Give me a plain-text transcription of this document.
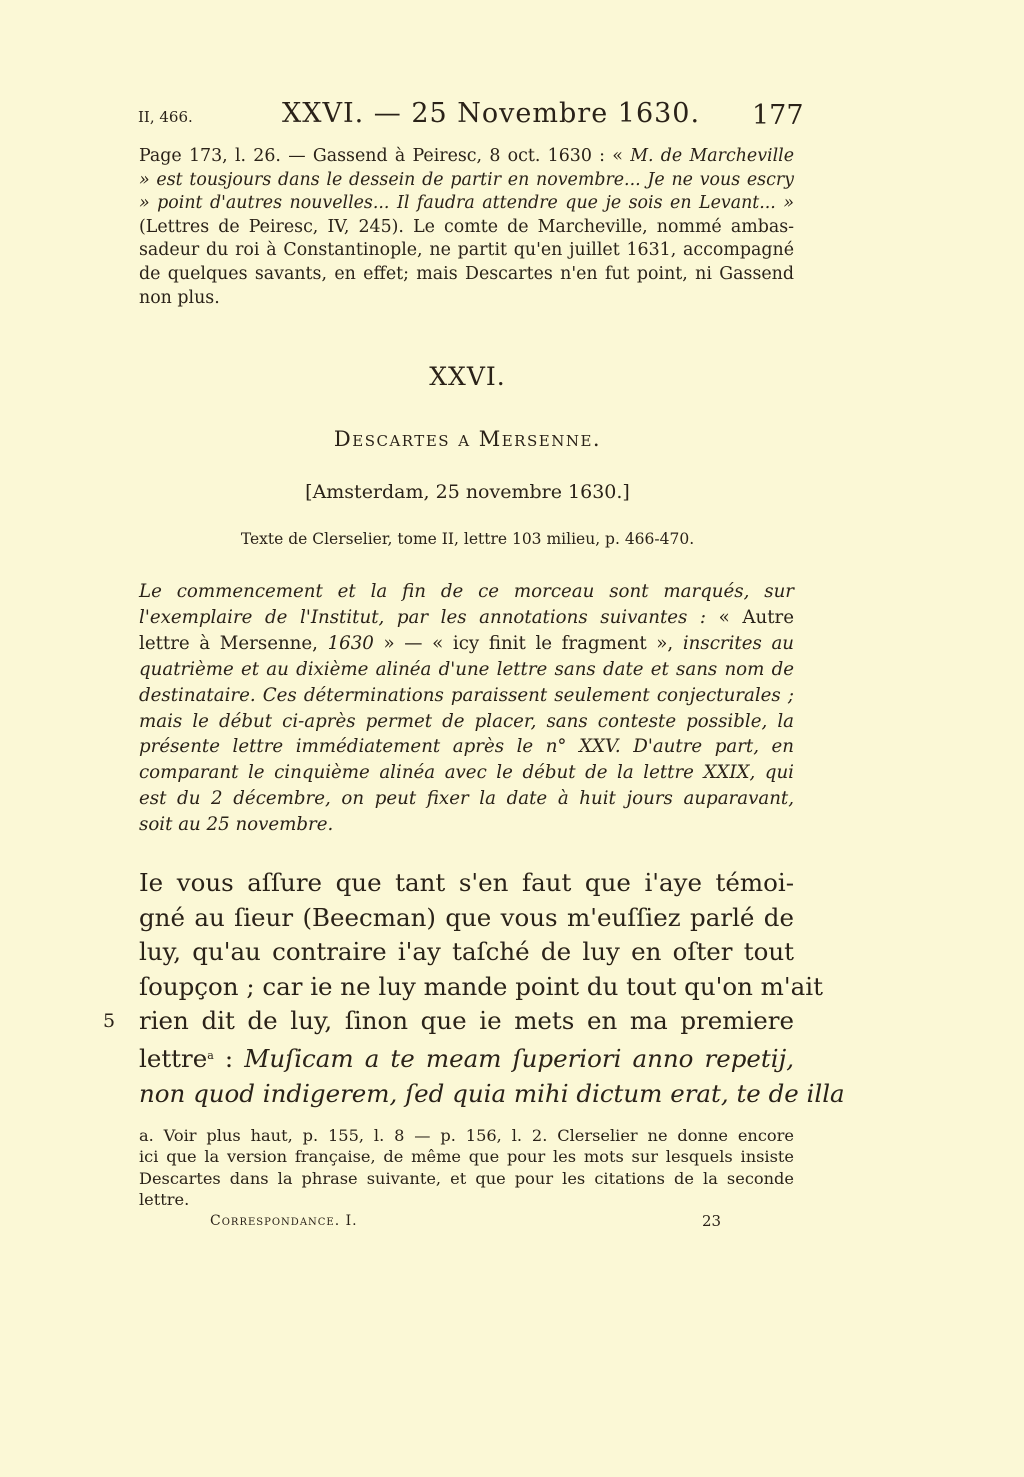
II, 466.	XXVI. — 25 Novembre 1630. 177
Page 173, l. 26. — Gassend à Peiresc, 8 oct. 1630 : « M. de Marcheville
» est tousjours dans le dessein de partir en novembre... Je ne vous escry
» point d'autres nouvelles... Il faudra attendre que je sois en Levant... »
(Lettres de Peiresc, IV, 245). Le comte de Marcheville, nommé ambas-
sadeur du roi à Constantinople, ne partit qu'en juillet 1631, accompagné
de quelques savants, en effet; mais Descartes n'en fut point, ni Gassend
non plus.
XXVI.
Descartes a Mersenne.
[Amsterdam, 25 novembre 1630.]
Texte de Clerselier, tome II, lettre 103 milieu, p. 466-470.
Le commencement et la fin de ce morceau sont marqués, sur
l'exemplaire de l'Institut, par les annotations suivantes : « Autre
lettre à Mersenne, 1630 » — « icy finit le fragment », inscrites au
quatrième et au dixième alinéa d'une lettre sans date et sans nom de
destinataire. Ces déterminations paraissent seulement conjecturales ;
mais le début ci-après permet de placer, sans conteste possible, la
présente lettre immédiatement après le n° XXV. D'autre part, en
comparant le cinquième alinéa avec le début de la lettre XXIX, qui
est du 2 décembre, on peut fixer la date à huit jours auparavant,
soit au 25 novembre.
Ie vous aſſure que tant s'en faut que i'aye témoi-
gné au ſieur (Beecman) que vous m'euſſiez parlé de
luy, qu'au contraire i'ay taſché de luy en oſter tout
ſoupçon ; car ie ne luy mande point du tout qu'on m'ait
rien dit de luy, ſinon que ie mets en ma premiere
lettre$^a$ : Muſicam a te meam ſuperiori anno repetij,
non quod indigerem, ſed quia mihi dictum erat, te de illa
5
a. Voir plus haut, p. 155, l. 8 — p. 156, l. 2. Clerselier ne donne encore
ici que la version française, de même que pour les mots sur lesquels insiste
Descartes dans la phrase suivante, et que pour les citations de la seconde
lettre.
Correspondance. I.	23
